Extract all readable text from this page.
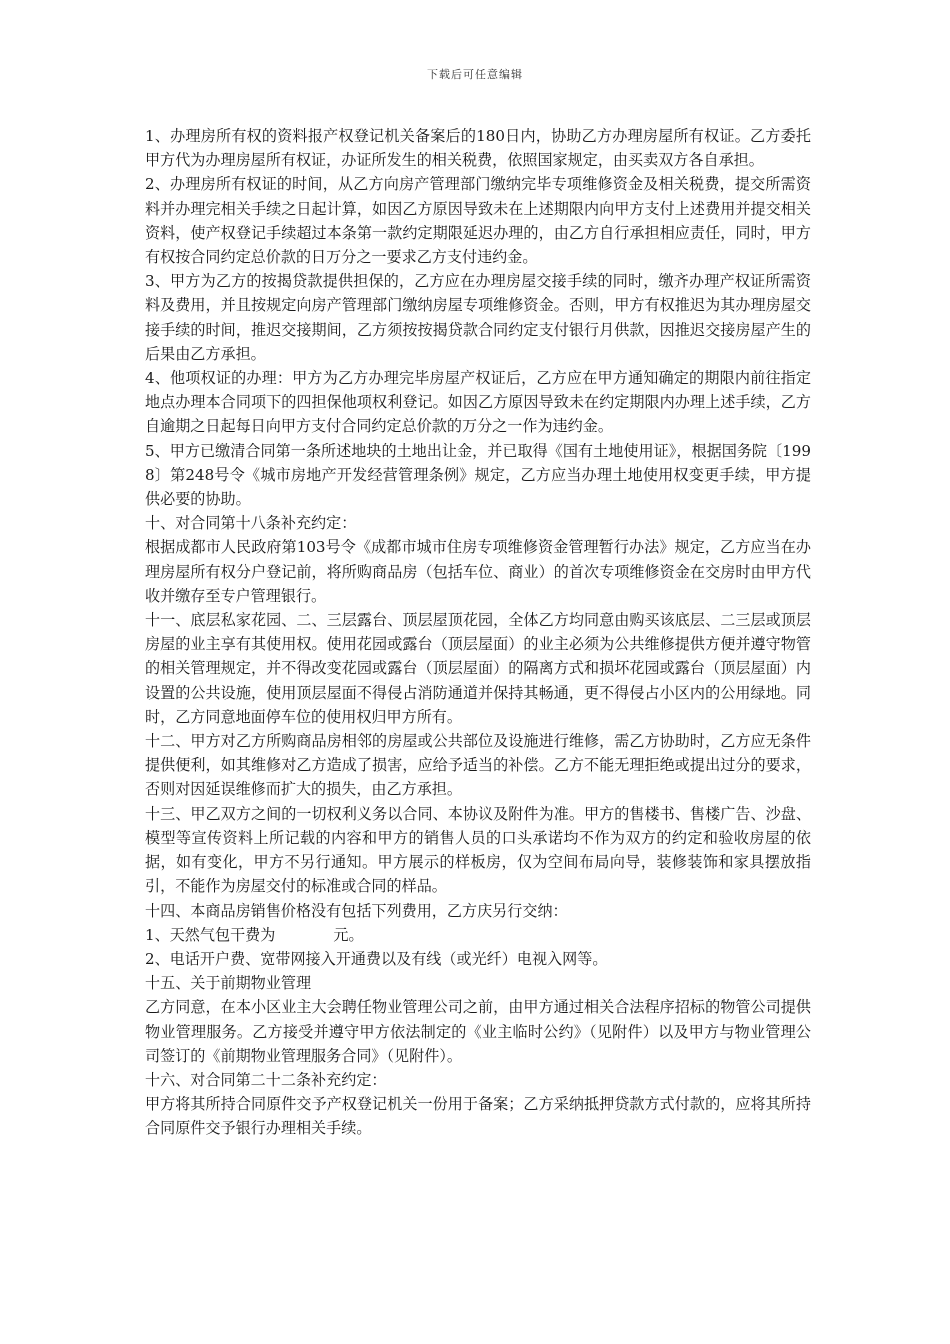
下载后可任意编辑

1、办理房所有权的资料报产权登记机关备案后的180日内，协助乙方办理房屋所有权证。乙方委托甲方代为办理房屋所有权证，办证所发生的相关税费，依照国家规定，由买卖双方各自承担。

2、办理房所有权证的时间，从乙方向房产管理部门缴纳完毕专项维修资金及相关税费，提交所需资料并办理完相关手续之日起计算，如因乙方原因导致未在上述期限内向甲方支付上述费用并提交相关资料，使产权登记手续超过本条第一款约定期限延迟办理的，由乙方自行承担相应责任，同时，甲方有权按合同约定总价款的日万分之一要求乙方支付违约金。

3、甲方为乙方的按揭贷款提供担保的，乙方应在办理房屋交接手续的同时，缴齐办理产权证所需资料及费用，并且按规定向房产管理部门缴纳房屋专项维修资金。否则，甲方有权推迟为其办理房屋交接手续的时间，推迟交接期间，乙方须按按揭贷款合同约定支付银行月供款，因推迟交接房屋产生的后果由乙方承担。

4、他项权证的办理：甲方为乙方办理完毕房屋产权证后，乙方应在甲方通知确定的期限内前往指定地点办理本合同项下的四担保他项权利登记。如因乙方原因导致未在约定期限内办理上述手续，乙方自逾期之日起每日向甲方支付合同约定总价款的万分之一作为违约金。

5、甲方已缴清合同第一条所述地块的土地出让金，并已取得《国有土地使用证》，根据国务院〔1998〕第248号令《城市房地产开发经营管理条例》规定，乙方应当办理土地使用权变更手续，甲方提供必要的协助。

十、对合同第十八条补充约定：

根据成都市人民政府第103号令《成都市城市住房专项维修资金管理暂行办法》规定，乙方应当在办理房屋所有权分户登记前，将所购商品房（包括车位、商业）的首次专项维修资金在交房时由甲方代收并缴存至专户管理银行。

十一、底层私家花园、二、三层露台、顶层屋顶花园，全体乙方均同意由购买该底层、二三层或顶层房屋的业主享有其使用权。使用花园或露台（顶层屋面）的业主必须为公共维修提供方便并遵守物管的相关管理规定，并不得改变花园或露台（顶层屋面）的隔离方式和损坏花园或露台（顶层屋面）内设置的公共设施，使用顶层屋面不得侵占消防通道并保持其畅通，更不得侵占小区内的公用绿地。同时，乙方同意地面停车位的使用权归甲方所有。

十二、甲方对乙方所购商品房相邻的房屋或公共部位及设施进行维修，需乙方协助时，乙方应无条件提供便利，如其维修对乙方造成了损害，应给予适当的补偿。乙方不能无理拒绝或提出过分的要求，否则对因延误维修而扩大的损失，由乙方承担。

十三、甲乙双方之间的一切权利义务以合同、本协议及附件为准。甲方的售楼书、售楼广告、沙盘、模型等宣传资料上所记载的内容和甲方的销售人员的口头承诺均不作为双方的约定和验收房屋的依据，如有变化，甲方不另行通知。甲方展示的样板房，仅为空间布局向导，装修装饰和家具摆放指引，不能作为房屋交付的标准或合同的样品。

十四、本商品房销售价格没有包括下列费用，乙方庆另行交纳：

1、天然气包干费为	元。

2、电话开户费、宽带网接入开通费以及有线（或光纤）电视入网等。

十五、关于前期物业管理

乙方同意，在本小区业主大会聘任物业管理公司之前，由甲方通过相关合法程序招标的物管公司提供物业管理服务。乙方接受并遵守甲方依法制定的《业主临时公约》（见附件）以及甲方与物业管理公司签订的《前期物业管理服务合同》（见附件）。

十六、对合同第二十二条补充约定：

甲方将其所持合同原件交予产权登记机关一份用于备案；乙方采纳抵押贷款方式付款的，应将其所持合同原件交予银行办理相关手续。
